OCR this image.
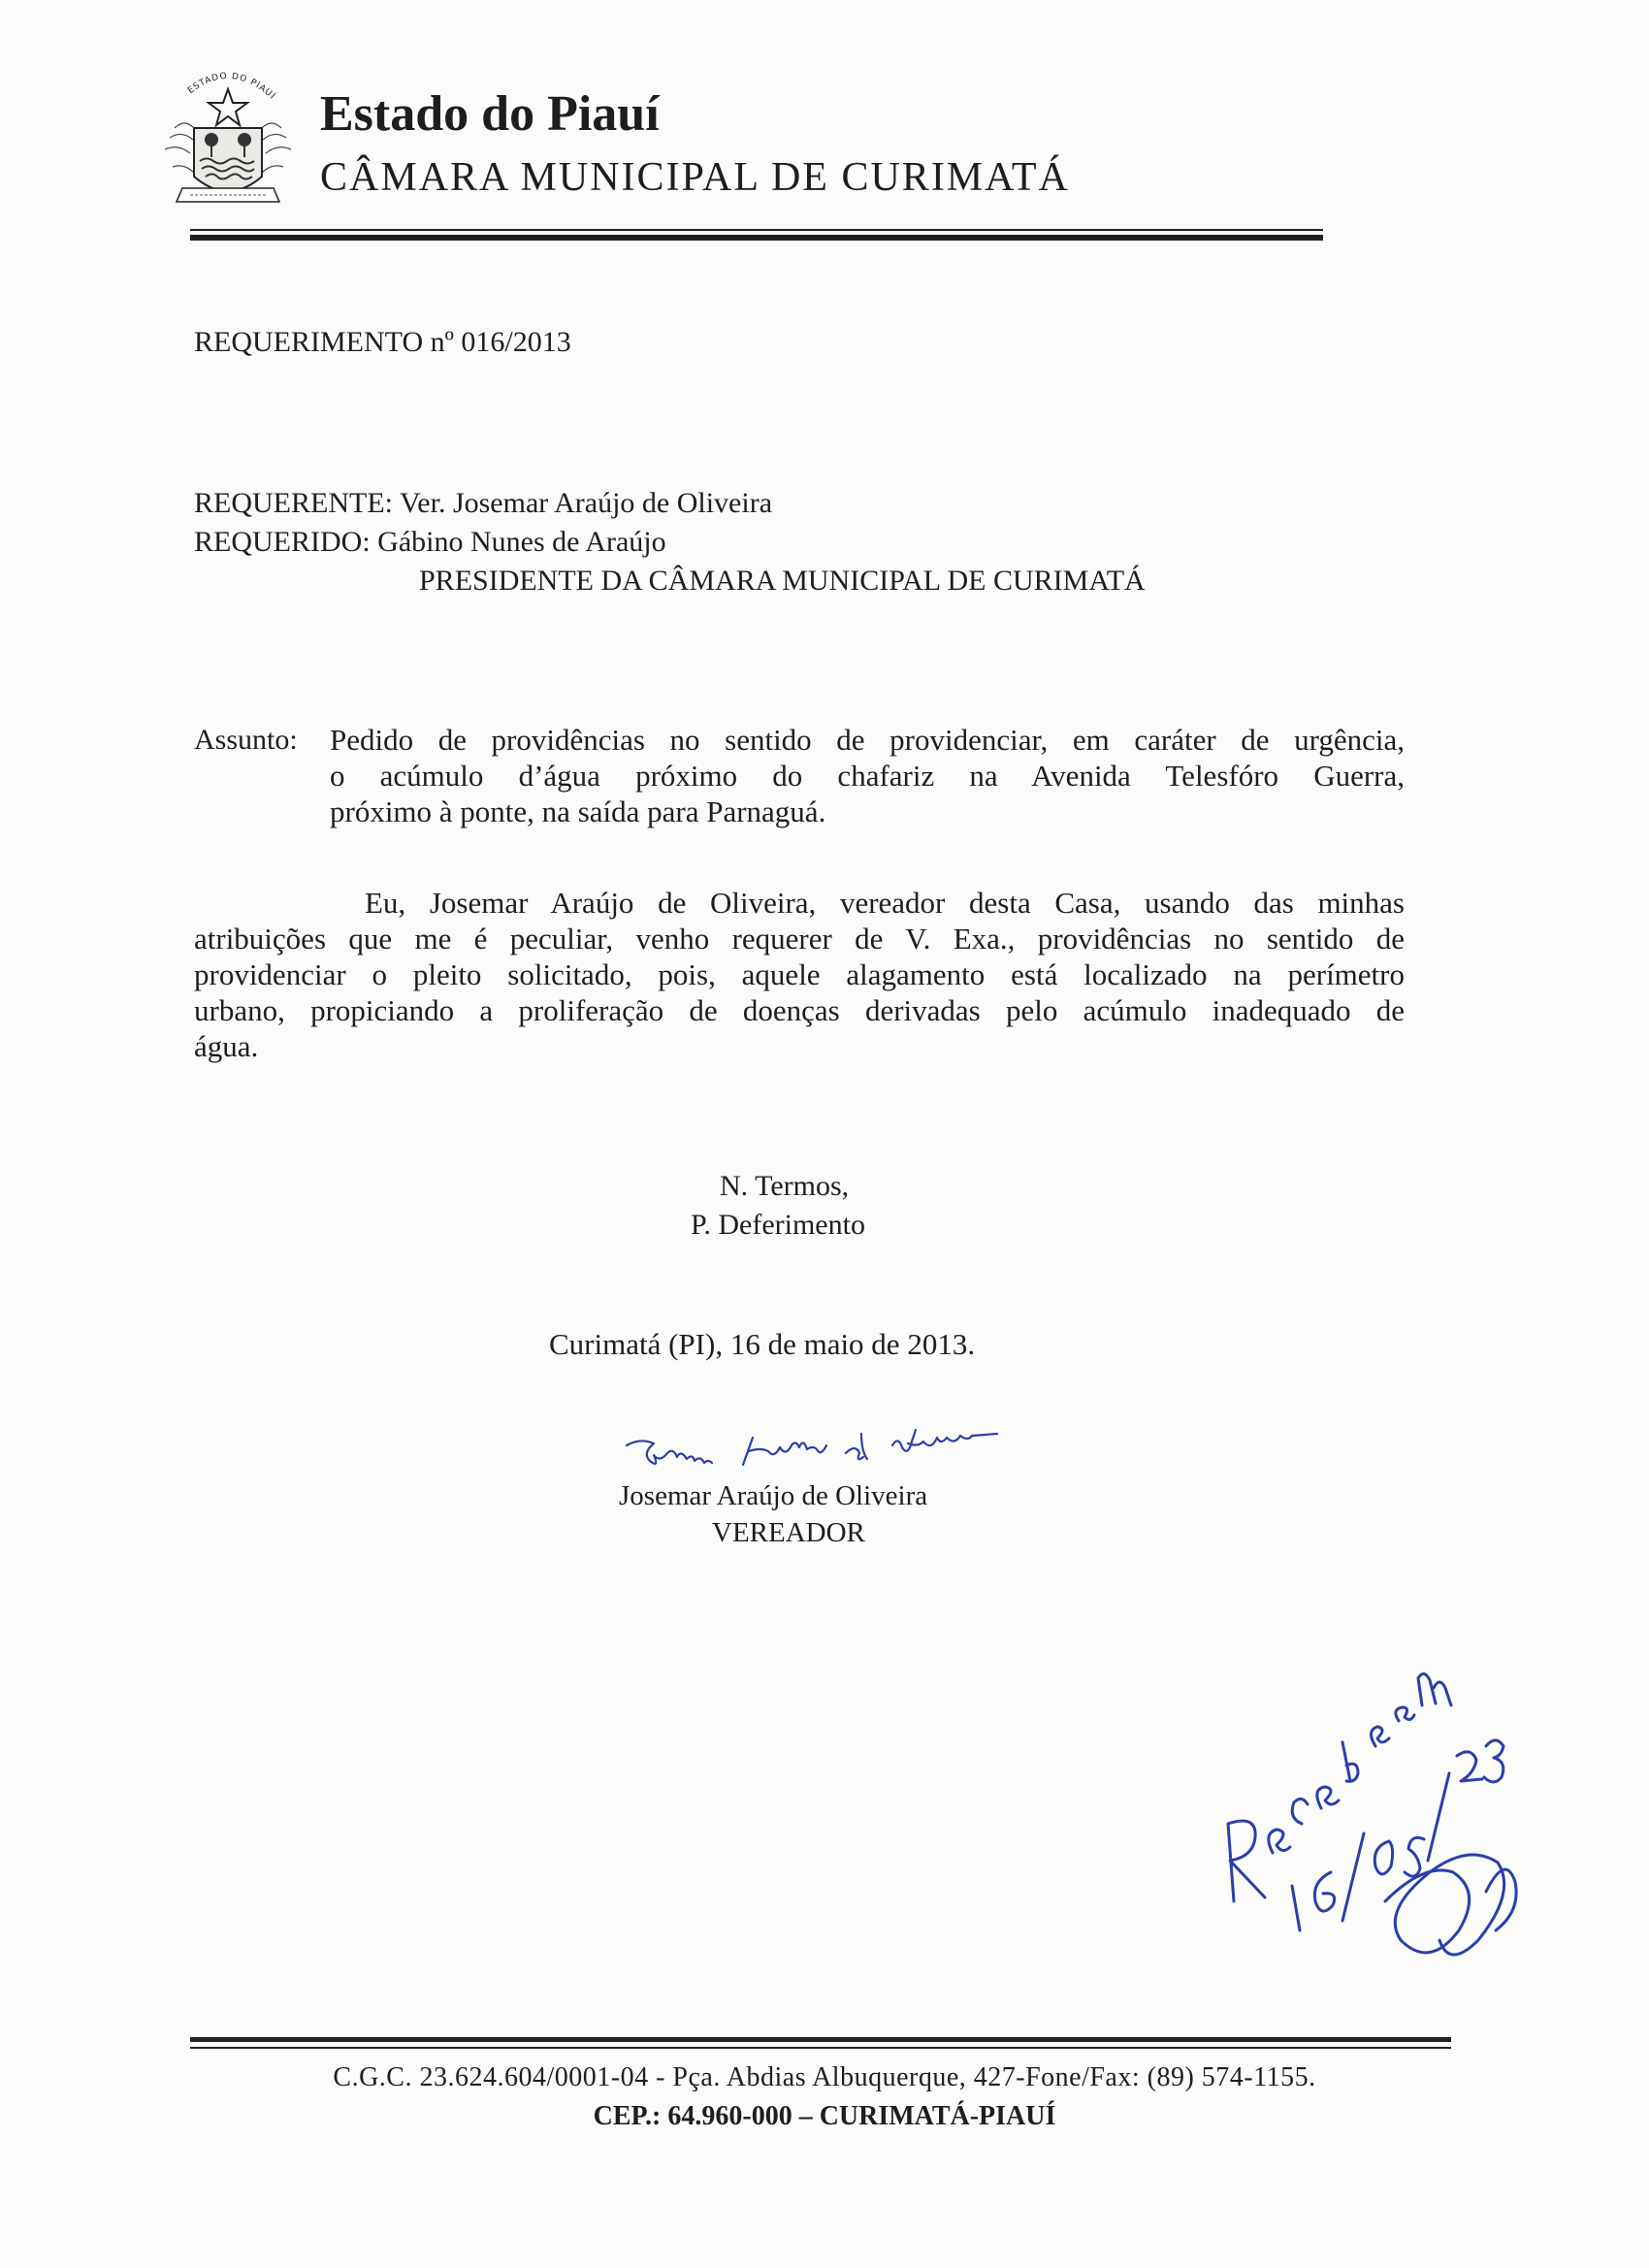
ESTADO DO PIAUÍ Estado do Piauí
CÂMARA MUNICIPAL DE CURIMATÁ
REQUERIMENTO nº 016/2013
REQUERENTE: Ver. Josemar Araújo de Oliveira
REQUERIDO: Gábino Nunes de Araújo
PRESIDENTE DA CÂMARA MUNICIPAL DE CURIMATÁ
Assunto: Pedido de providências no sentido de providenciar, em caráter de urgência,
o acúmulo d’água próximo do chafariz na Avenida Telesfóro Guerra,
próximo à ponte, na saída para Parnaguá.
Eu, Josemar Araújo de Oliveira, vereador desta Casa, usando das minhas
atribuições que me é peculiar, venho requerer de V. Exa., providências no sentido de
providenciar o pleito solicitado, pois, aquele alagamento está localizado na perímetro
urbano, propiciando a proliferação de doenças derivadas pelo acúmulo inadequado de
água.
N. Termos,
P. Deferimento
Curimatá (PI), 16 de maio de 2013.
Josemar Araújo de Oliveira
VEREADOR
C.G.C. 23.624.604/0001-04 - Pça. Abdias Albuquerque, 427-Fone/Fax: (89) 574-1155.
CEP.: 64.960-000 – CURIMATÁ-PIAUÍ
